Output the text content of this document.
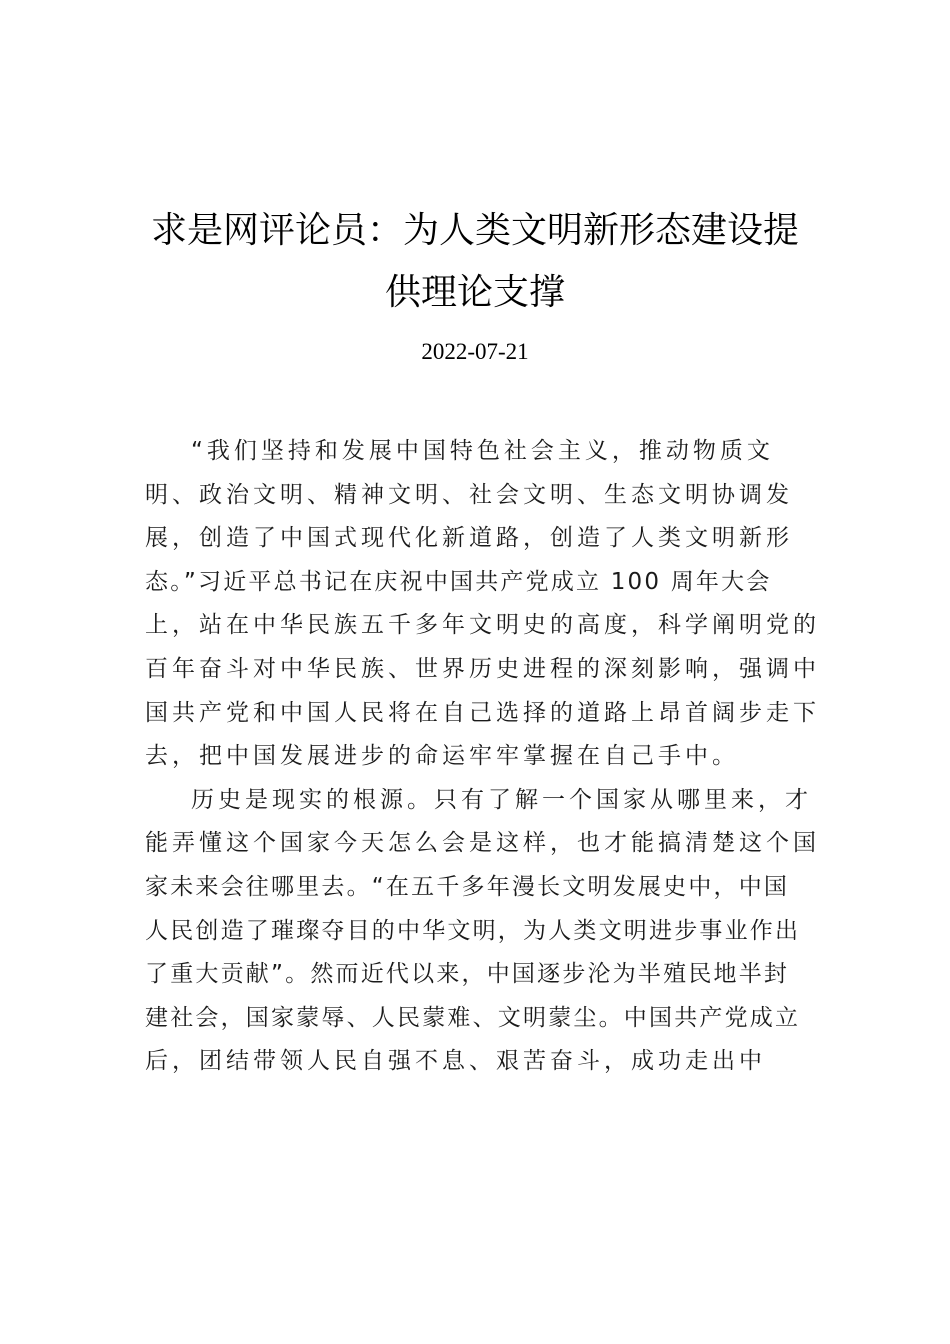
求是网评论员：为人类文明新形态建设提
供理论支撑
2022-07-21

“我们坚持和发展中国特色社会主义，推动物质文
明、政治文明、精神文明、社会文明、生态文明协调发
展，创造了中国式现代化新道路，创造了人类文明新形
态。”习近平总书记在庆祝中国共产党成立 100 周年大会
上，站在中华民族五千多年文明史的高度，科学阐明党的
百年奋斗对中华民族、世界历史进程的深刻影响，强调中
国共产党和中国人民将在自己选择的道路上昂首阔步走下
去，把中国发展进步的命运牢牢掌握在自己手中。

历史是现实的根源。只有了解一个国家从哪里来，才
能弄懂这个国家今天怎么会是这样，也才能搞清楚这个国
家未来会往哪里去。“在五千多年漫长文明发展史中，中国
人民创造了璀璨夺目的中华文明，为人类文明进步事业作出
了重大贡献”。然而近代以来，中国逐步沦为半殖民地半封
建社会，国家蒙辱、人民蒙难、文明蒙尘。中国共产党成立
后，团结带领人民自强不息、艰苦奋斗，成功走出中
